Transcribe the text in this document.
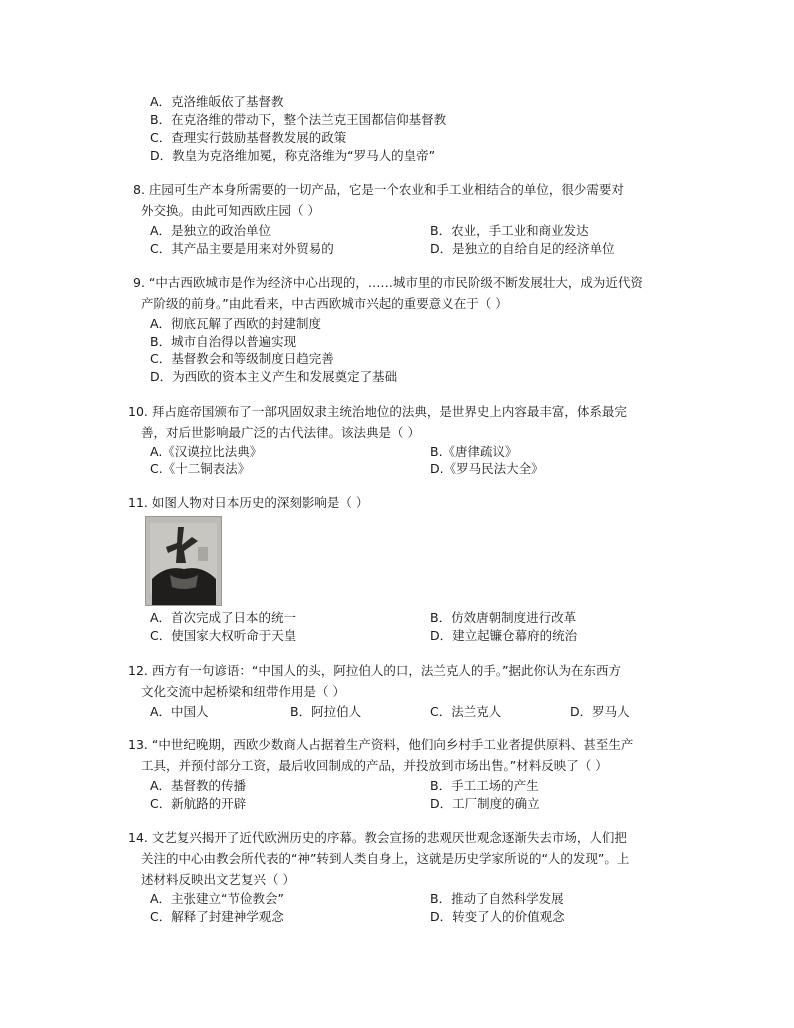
A．克洛维皈依了基督教
B．在克洛维的带动下，整个法兰克王国都信仰基督教
C．查理实行鼓励基督教发展的政策
D．教皇为克洛维加冕，称克洛维为“罗马人的皇帝”
8. 庄园可生产本身所需要的一切产品，它是一个农业和手工业相结合的单位，很少需要对
外交换。由此可知西欧庄园（ ）
A．是独立的政治单位	B．农业，手工业和商业发达
C．其产品主要是用来对外贸易的	D．是独立的自给自足的经济单位
9. “中古西欧城市是作为经济中心出现的，……城市里的市民阶级不断发展壮大，成为近代资
产阶级的前身。”由此看来，中古西欧城市兴起的重要意义在于（ ）
A．彻底瓦解了西欧的封建制度
B．城市自治得以普遍实现
C．基督教会和等级制度日趋完善
D．为西欧的资本主义产生和发展奠定了基础
10. 拜占庭帝国颁布了一部巩固奴隶主统治地位的法典，是世界史上内容最丰富，体系最完
善，对后世影响最广泛的古代法律。该法典是（ ）
A.《汉谟拉比法典》	B.《唐律疏议》
C.《十二铜表法》	D.《罗马民法大全》
11. 如图人物对日本历史的深刻影响是（ ）
A．首次完成了日本的统一	B．仿效唐朝制度进行改革
C．使国家大权听命于天皇	D．建立起镰仓幕府的统治
12. 西方有一句谚语：“中国人的头，阿拉伯人的口，法兰克人的手。”据此你认为在东西方
文化交流中起桥梁和纽带作用是（ ）
A．中国人	B．阿拉伯人	C．法兰克人	D．罗马人
13. “中世纪晚期，西欧少数商人占据着生产资料，他们向乡村手工业者提供原料、甚至生产
工具，并预付部分工资，最后收回制成的产品，并投放到市场出售。”材料反映了（ ）
A．基督教的传播	B．手工工场的产生
C．新航路的开辟	D．工厂制度的确立
14. 文艺复兴揭开了近代欧洲历史的序幕。教会宣扬的悲观厌世观念逐渐失去市场，人们把
关注的中心由教会所代表的“神”转到人类自身上，这就是历史学家所说的“人的发现”。上
述材料反映出文艺复兴（ ）
A．主张建立“节俭教会”	B．推动了自然科学发展
C．解释了封建神学观念	D．转变了人的价值观念
